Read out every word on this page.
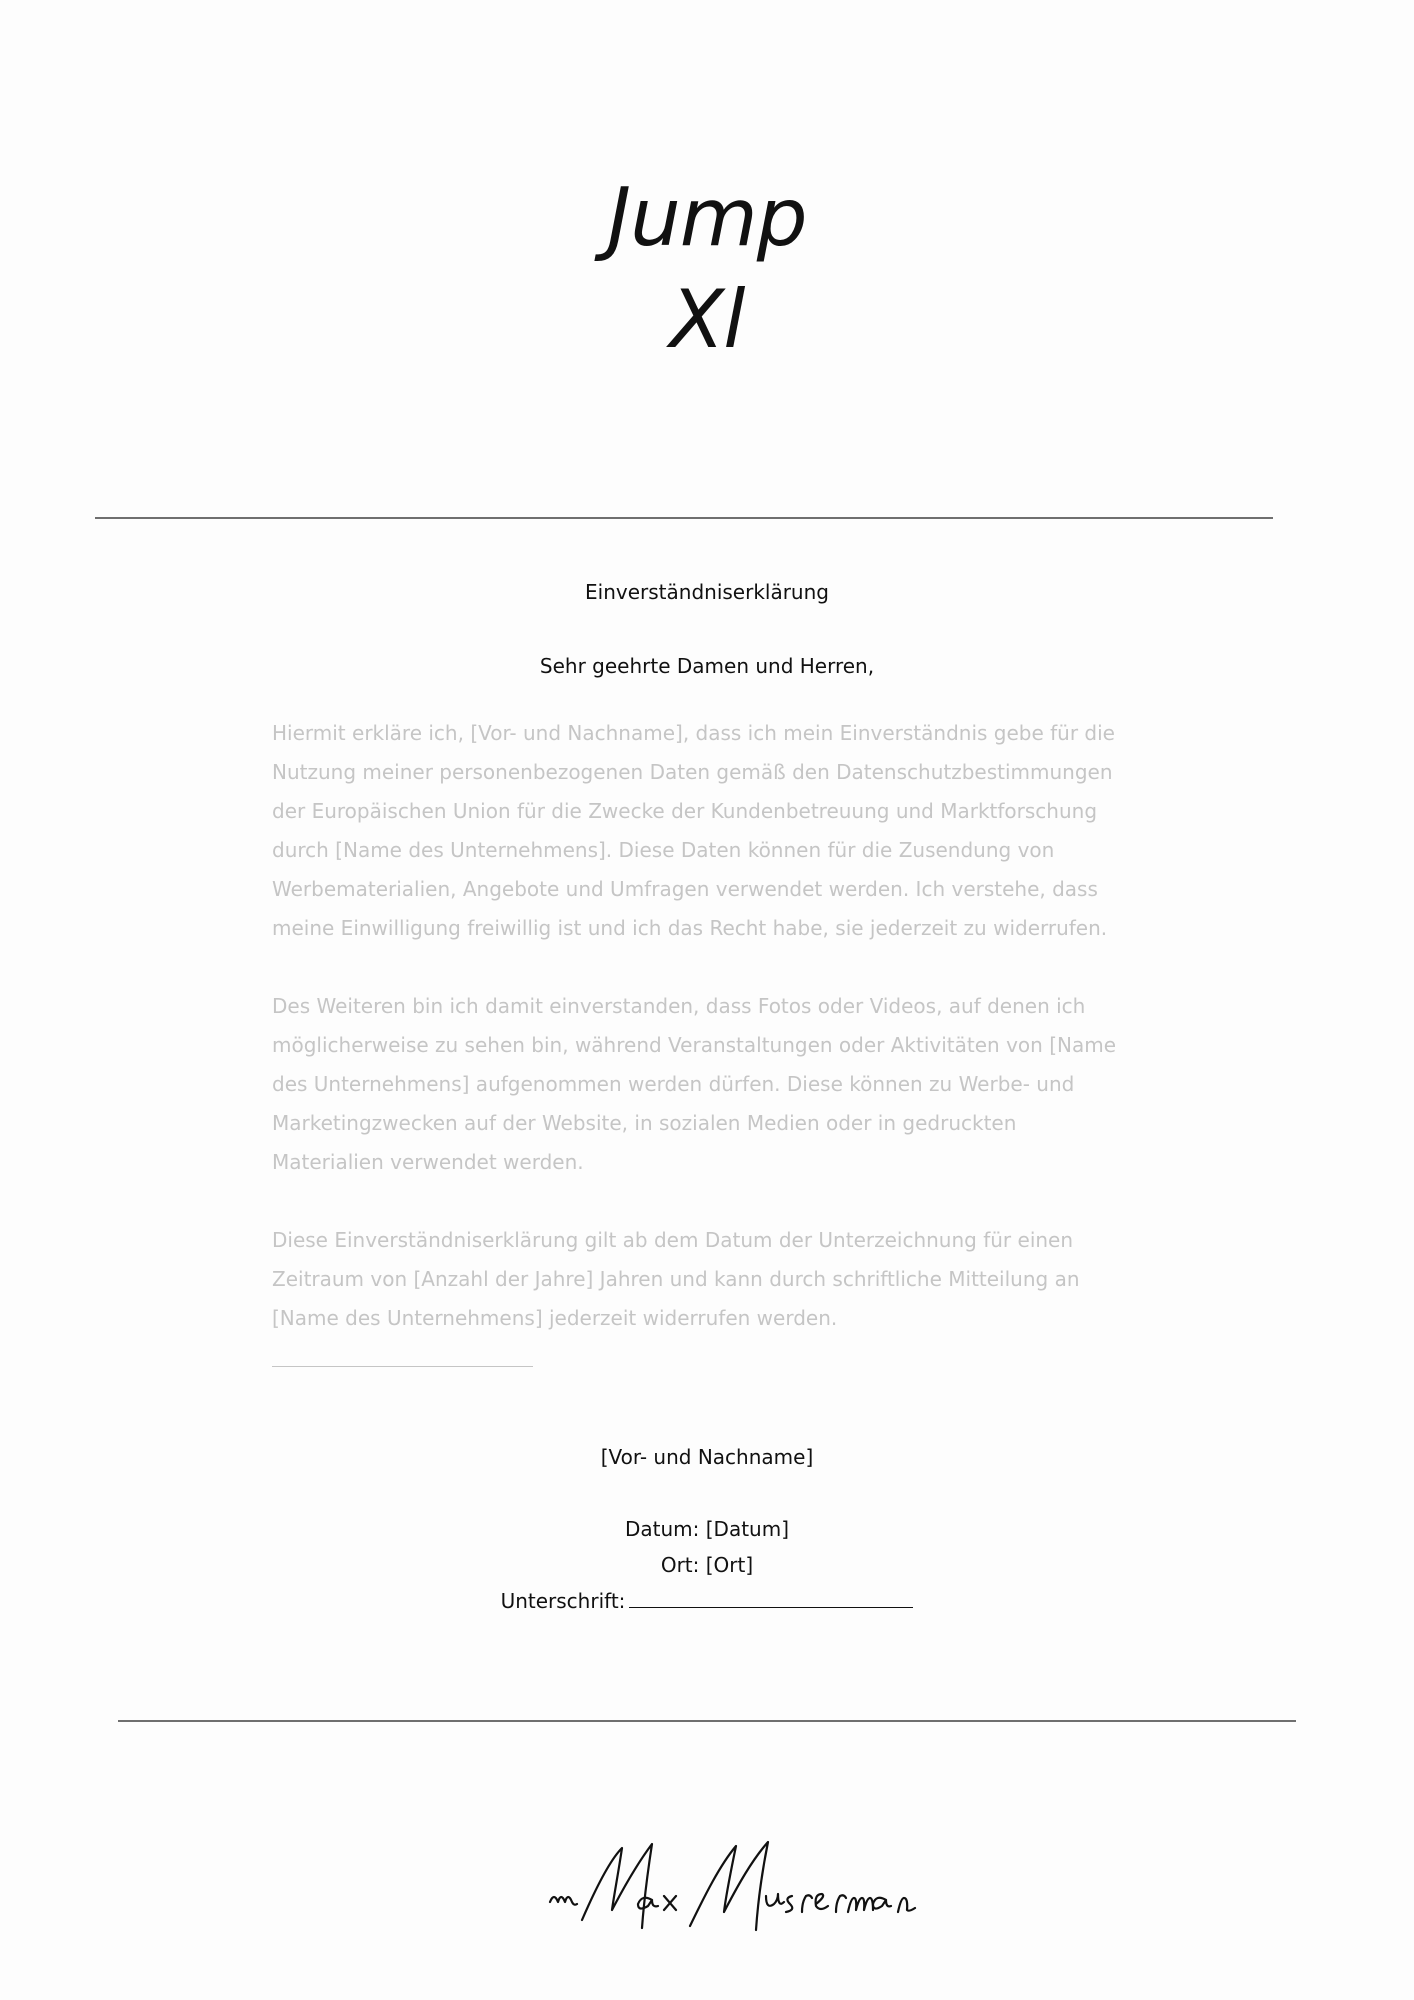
Jump
Xl
Einverständniserklärung
Sehr geehrte Damen und Herren,

Hiermit erkläre ich, [Vor- und Nachname], dass ich mein Einverständnis gebe für die
Nutzung meiner personenbezogenen Daten gemäß den Datenschutzbestimmungen
der Europäischen Union für die Zwecke der Kundenbetreuung und Marktforschung
durch [Name des Unternehmens]. Diese Daten können für die Zusendung von
Werbematerialien, Angebote und Umfragen verwendet werden. Ich verstehe, dass
meine Einwilligung freiwillig ist und ich das Recht habe, sie jederzeit zu widerrufen.

Des Weiteren bin ich damit einverstanden, dass Fotos oder Videos, auf denen ich
möglicherweise zu sehen bin, während Veranstaltungen oder Aktivitäten von [Name
des Unternehmens] aufgenommen werden dürfen. Diese können zu Werbe- und
Marketingzwecken auf der Website, in sozialen Medien oder in gedruckten
Materialien verwendet werden.

Diese Einverständniserklärung gilt ab dem Datum der Unterzeichnung für einen
Zeitraum von [Anzahl der Jahre] Jahren und kann durch schriftliche Mitteilung an
[Name des Unternehmens] jederzeit widerrufen werden.

[Vor- und Nachname]
Datum: [Datum]
Ort: [Ort]
Unterschrift:
